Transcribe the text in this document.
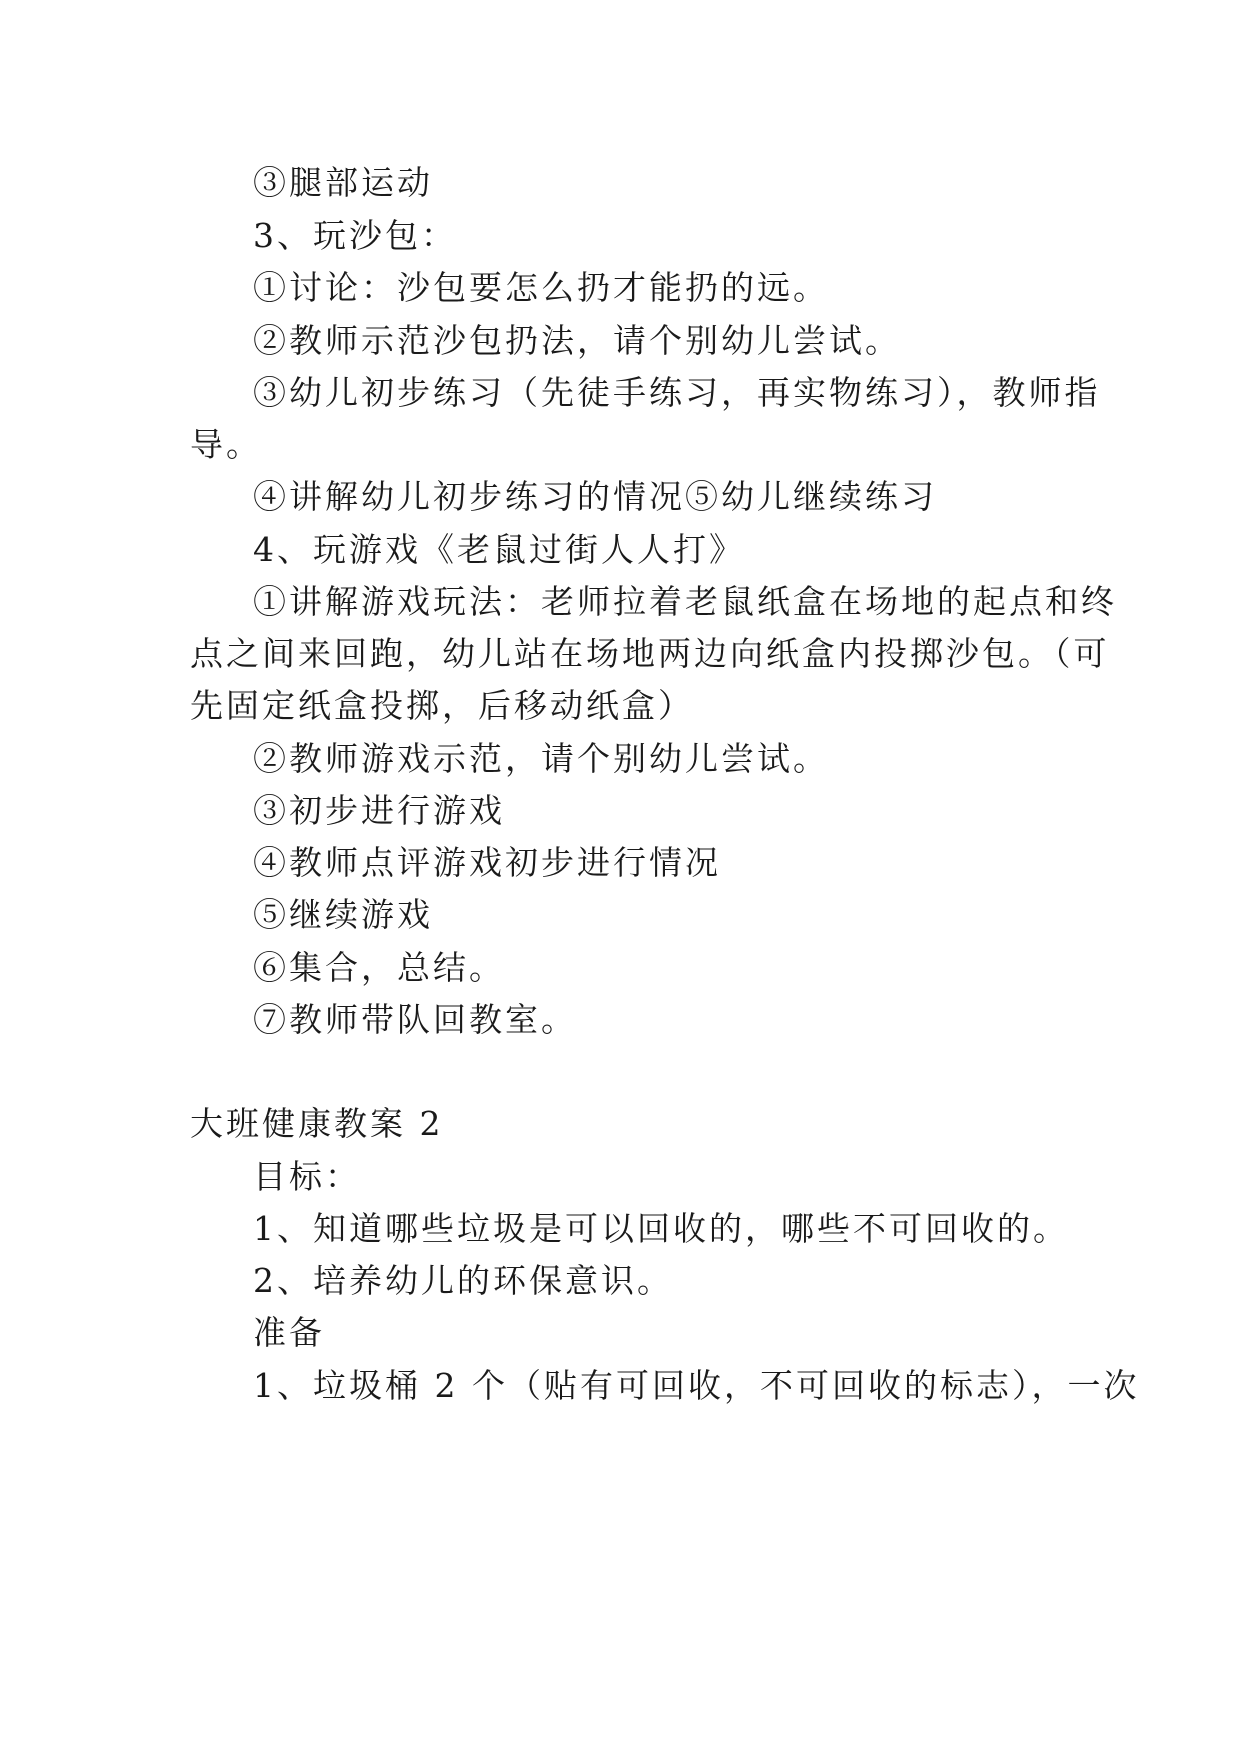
③腿部运动
3、玩沙包：
①讨论：沙包要怎么扔才能扔的远。
②教师示范沙包扔法，请个别幼儿尝试。
③幼儿初步练习（先徒手练习，再实物练习），教师指
导。
④讲解幼儿初步练习的情况⑤幼儿继续练习
4、玩游戏《老鼠过街人人打》
①讲解游戏玩法：老师拉着老鼠纸盒在场地的起点和终
点之间来回跑，幼儿站在场地两边向纸盒内投掷沙包。（可
先固定纸盒投掷，后移动纸盒）
②教师游戏示范，请个别幼儿尝试。
③初步进行游戏
④教师点评游戏初步进行情况
⑤继续游戏
⑥集合，总结。
⑦教师带队回教室。
大班健康教案 2
目标：
1、知道哪些垃圾是可以回收的，哪些不可回收的。
2、培养幼儿的环保意识。
准备
1、垃圾桶 2 个（贴有可回收，不可回收的标志），一次
